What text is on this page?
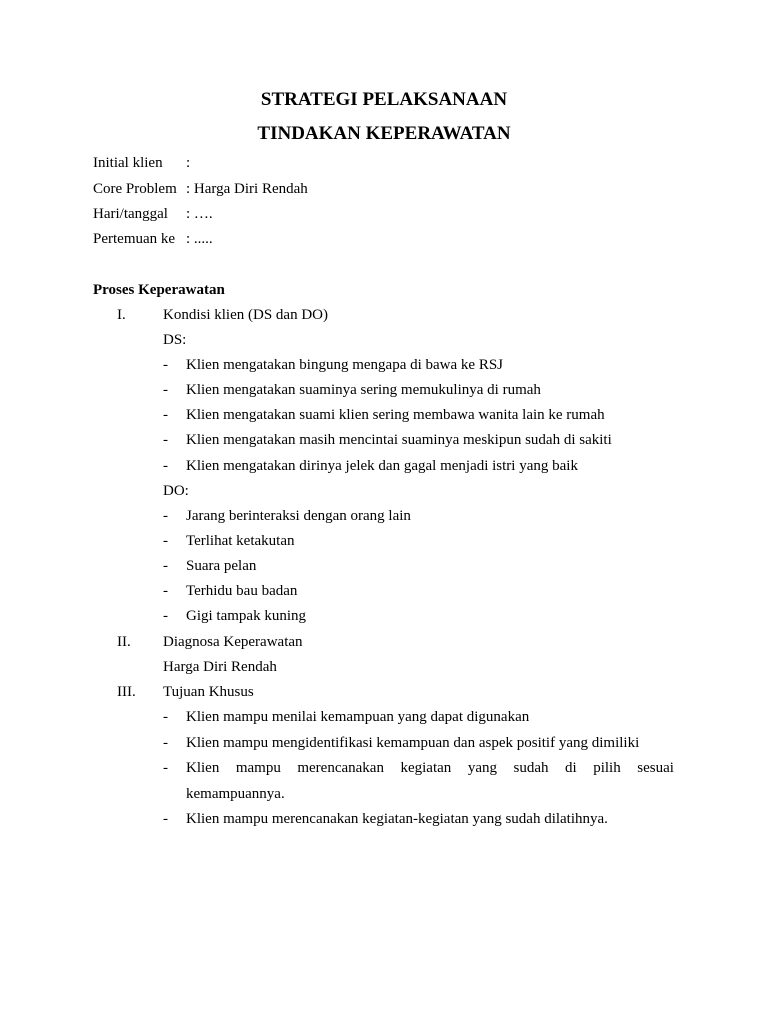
STRATEGI PELAKSANAAN
TINDAKAN KEPERAWATAN
Initial klien :
Core Problem : Harga Diri Rendah
Hari/tanggal : ….
Pertemuan ke : .....
Proses Keperawatan
I. Kondisi klien (DS dan DO)
DS:
- Klien mengatakan bingung mengapa di bawa ke RSJ
- Klien mengatakan suaminya sering memukulinya di rumah
- Klien mengatakan suami klien sering membawa wanita lain ke rumah
- Klien mengatakan masih mencintai suaminya meskipun sudah di sakiti
- Klien mengatakan dirinya jelek dan gagal menjadi istri yang baik
DO:
- Jarang berinteraksi dengan orang lain
- Terlihat ketakutan
- Suara pelan
- Terhidu bau badan
- Gigi tampak kuning
II. Diagnosa Keperawatan
Harga Diri Rendah
III. Tujuan Khusus
- Klien mampu menilai kemampuan yang dapat digunakan
- Klien mampu mengidentifikasi kemampuan dan aspek positif yang dimiliki
- Klien mampu merencanakan kegiatan yang sudah di pilih sesuai
kemampuannya.
- Klien mampu merencanakan kegiatan-kegiatan yang sudah dilatihnya.
